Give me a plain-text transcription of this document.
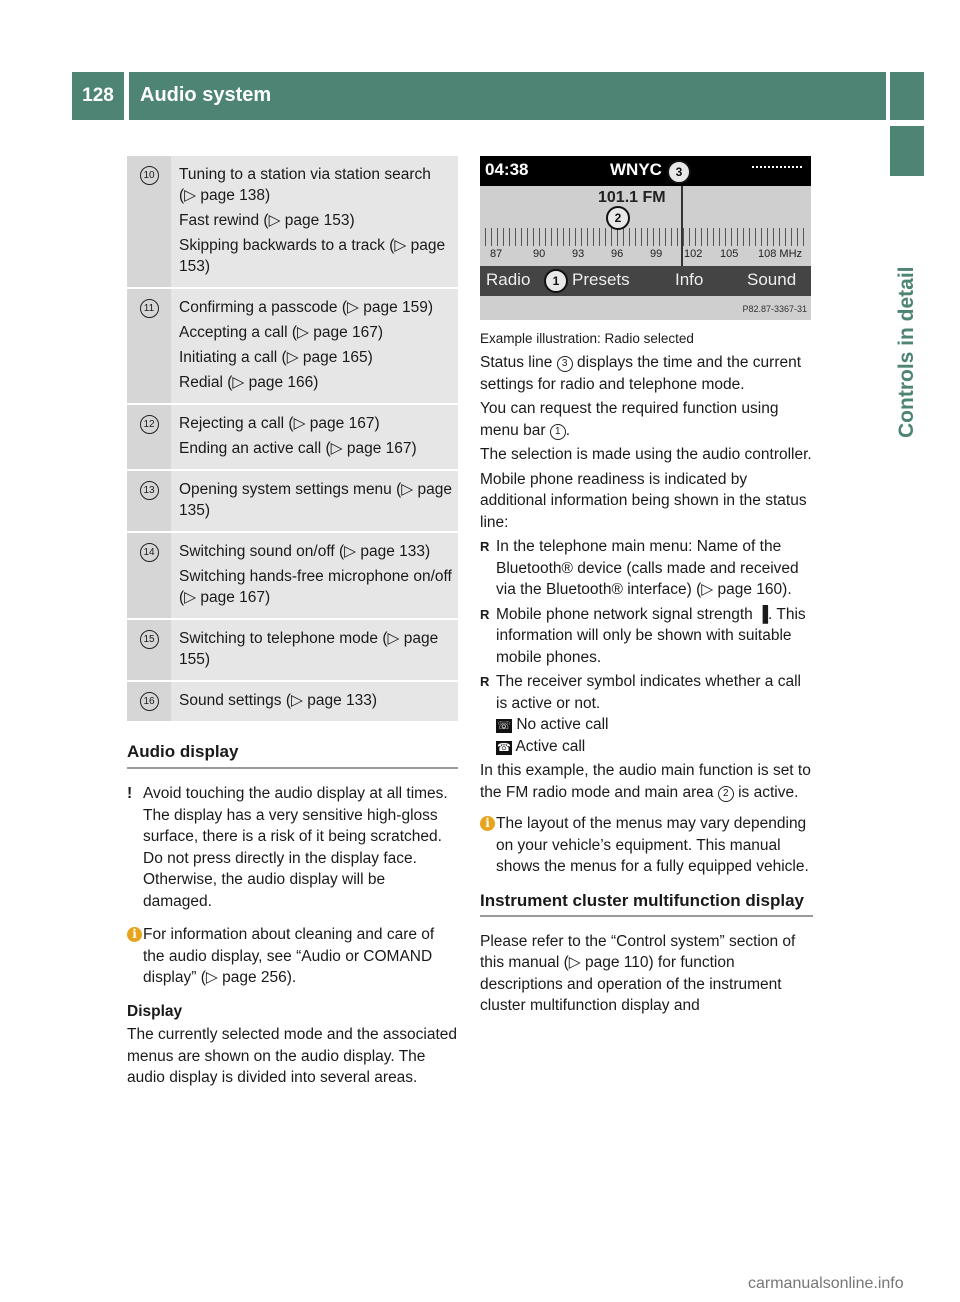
128	Audio system
Controls in detail
10	Tuning to a station via station search (▷ page 138)

Fast rewind (▷ page 153)

Skipping backwards to a track (▷ page 153)

11	Confirming a passcode (▷ page 159)

Accepting a call (▷ page 167)

Initiating a call (▷ page 165)

Redial (▷ page 166)

12	Rejecting a call (▷ page 167)

Ending an active call (▷ page 167)

13	Opening system settings menu (▷ page 135)

14	Switching sound on/off (▷ page 133)

Switching hands-free microphone on/off (▷ page 167)

15	Switching to telephone mode (▷ page 155)

16	Sound settings (▷ page 133)

Audio display
! Avoid touching the audio display at all times. The display has a very sensitive high-gloss surface, there is a risk of it being scratched. Do not press directly in the display face. Otherwise, the audio display will be damaged.
i For information about cleaning and care of the audio display, see “Audio or COMAND display” (▷ page 256).
Display
The currently selected mode and the associated menus are shown on the audio display. The audio display is divided into several areas.
04:38	WNYC
101.1 FM
87	90 93 96 99 102 105 108 MHz
Radio Presets	Info	Sound
P82.87-3367-31
1
2
3
Example illustration: Radio selected
Status line 3 displays the time and the current settings for radio and telephone mode.
You can request the required function using menu bar 1 .
The selection is made using the audio controller.
Mobile phone readiness is indicated by additional information being shown in the status line:
R In the telephone main menu: Name of the Bluetooth® device (calls made and received via the Bluetooth® interface) (▷ page 160).
R Mobile phone network signal strength ▐. This information will only be shown with suitable mobile phones.
R The receiver symbol indicates whether a call is active or not.
☏ No active call
☎ Active call
In this example, the audio main function is set to the FM radio mode and main area 2 is active.
i The layout of the menus may vary depending on your vehicle’s equipment. This manual shows the menus for a fully equipped vehicle.
Instrument cluster multifunction display
Please refer to the “Control system” section of this manual (▷ page 110) for function descriptions and operation of the instrument cluster multifunction display and
carmanualsonline.info
